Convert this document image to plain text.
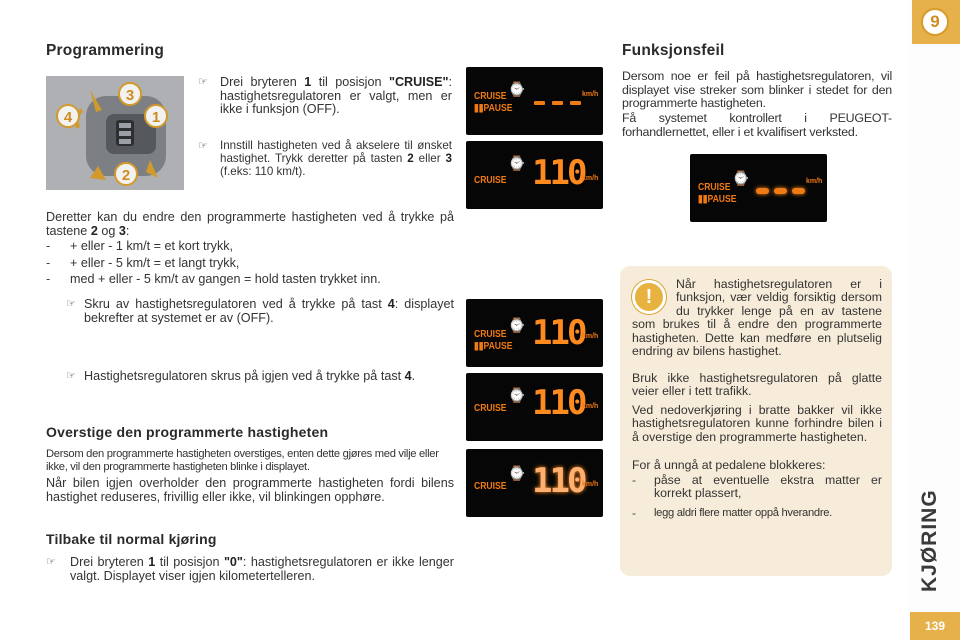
9
KJØRING
139
Programmering
3
4	1
2
☞ Drei bryteren 1 til posisjon "CRUISE": hastighetsregulatoren er valgt, men er ikke i funksjon (OFF).
☞	Innstill hastigheten ved å akselere til ønsket hastighet. Trykk deretter på tasten 2 eller 3 (f.eks: 110 km/t).
Deretter kan du endre den programmerte hastigheten ved å trykke på tastene 2 og 3:
-	+ eller - 1 km/t = et kort trykk,
-	+ eller - 5 km/t = et langt trykk,
-	med + eller - 5 km/t av gangen = hold tasten trykket inn.
☞ Skru av hastighetsregulatoren ved å trykke på tast 4: displayet bekrefter at systemet er av (OFF).
☞ Hastighetsregulatoren skrus på igjen ved å trykke på tast 4.
Overstige den programmerte hastigheten
Dersom den programmerte hastigheten overstiges, enten dette gjøres med vilje eller ikke, vil den programmerte hastigheten blinke i displayet.
Når bilen igjen overholder den programmerte hastigheten fordi bilens hastighet reduseres, frivillig eller ikke, vil blinkingen opphøre.
Tilbake til normal kjøring
☞	Drei bryteren 1 til posisjon "0": hastighetsregulatoren er ikke lenger valgt. Displayet viser igjen kilometertelleren.
CRUISE
▮▮PAUSE
⌚	km/h
CRUISE
⌚ 110
km/h
CRUISE
▮▮PAUSE
⌚ 110
km/h
CRUISE
⌚ 110
km/h
CRUISE
⌚ 110
km/h
Funksjonsfeil
Dersom noe er feil på hastighetsregulatoren, vil displayet vise streker som blinker i stedet for den programmerte hastigheten.
Få systemet kontrollert i PEUGEOT-forhandlernettet, eller i et kvalifisert verksted.
CRUISE
▮▮PAUSE
⌚	km/h
!
Når hastighetsregulatoren er i funksjon, vær veldig forsiktig dersom du trykker lenge på en av tastene som brukes til å endre den programmerte hastigheten. Dette kan medføre en plutselig endring av bilens hastighet.
Bruk ikke hastighetsregulatoren på glatte veier eller i tett trafikk.
Ved nedoverkjøring i bratte bakker vil ikke hastighetsregulatoren kunne forhindre bilen i å overstige den programmerte hastigheten.
For å unngå at pedalene blokkeres:
-	påse at eventuelle ekstra matter er korrekt plassert,
-	legg aldri flere matter oppå hverandre.
